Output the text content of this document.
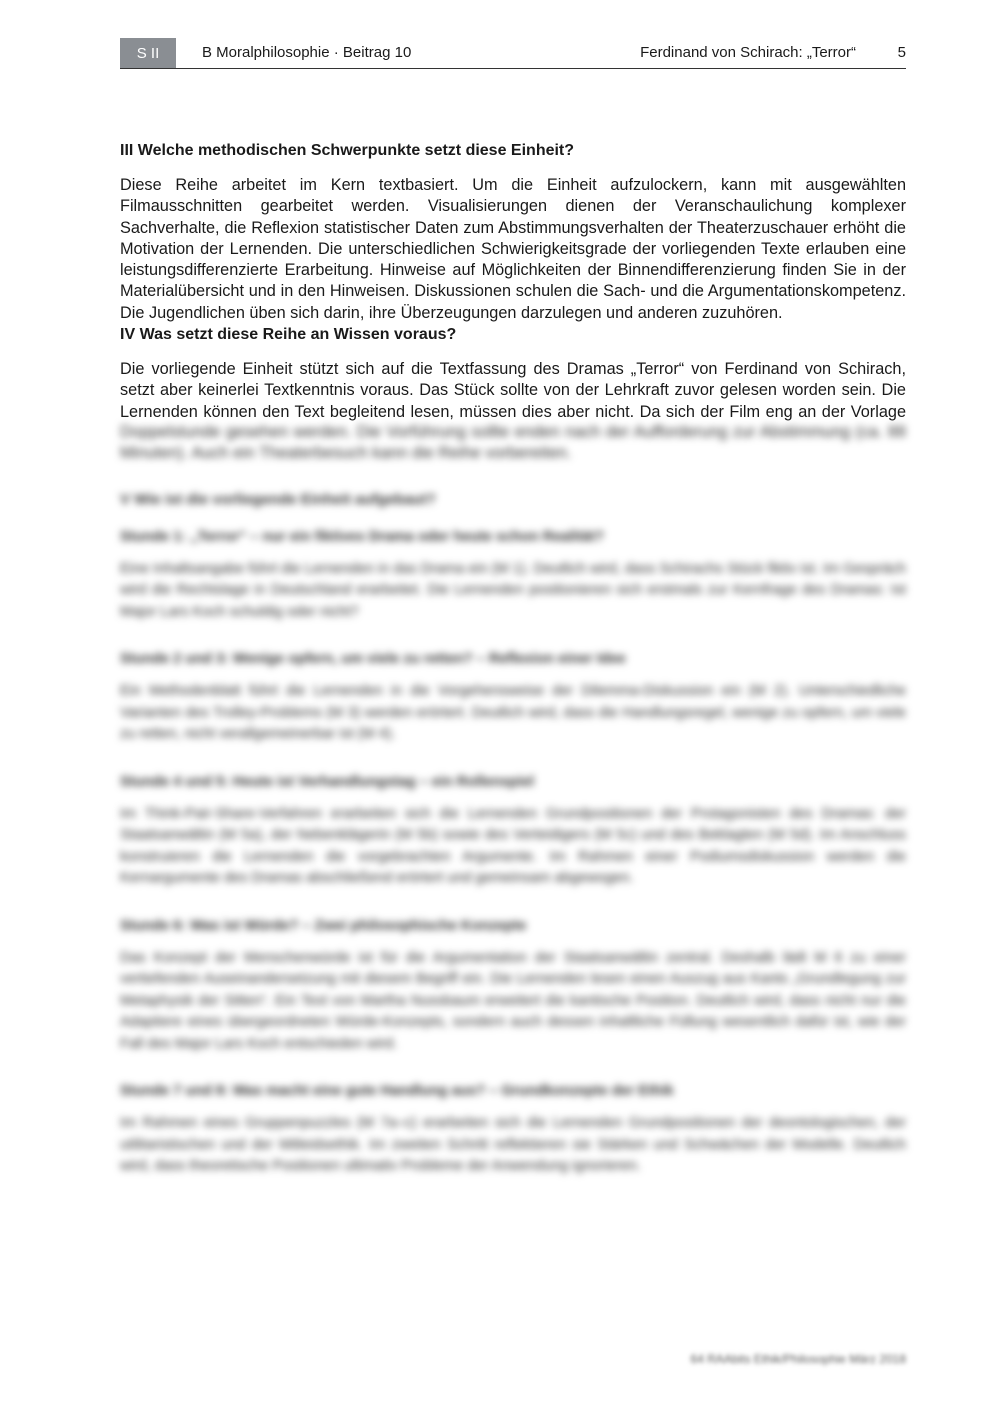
S II	B Moralphilosophie · Beitrag 10	Ferdinand von Schirach: „Terror“	5
III Welche methodischen Schwerpunkte setzt diese Einheit?

Diese Reihe arbeitet im Kern textbasiert. Um die Einheit aufzulockern, kann mit ausgewählten Filmausschnitten gearbeitet werden. Visualisierungen dienen der Veranschaulichung komplexer Sachverhalte, die Reflexion statistischer Daten zum Abstimmungsverhalten der Theaterzuschauer erhöht die Motivation der Lernenden. Die unterschiedlichen Schwierigkeitsgrade der vorliegenden Texte erlauben eine leistungsdifferenzierte Erarbeitung. Hinweise auf Möglichkeiten der Binnendifferenzierung finden Sie in der Materialübersicht und in den Hinweisen. Diskussionen schulen die Sach- und die Argumentationskompetenz. Die Jugendlichen üben sich darin, ihre Überzeugungen darzulegen und anderen zuzuhören.

IV Was setzt diese Reihe an Wissen voraus?

Die vorliegende Einheit stützt sich auf die Textfassung des Dramas „Terror“ von Ferdinand von Schirach, setzt aber keinerlei Textkenntnis voraus. Das Stück sollte von der Lehrkraft zuvor gelesen worden sein. Die Lernenden können den Text begleitend lesen, müssen dies aber nicht. Da sich der Film eng an der Vorlage

Doppelstunde gesehen werden. Die Vorführung sollte enden nach der Aufforderung zur Abstimmung (ca. 88 Minuten). Auch ein Theaterbesuch kann die Reihe vorbereiten.

V Wie ist die vorliegende Einheit aufgebaut?
Stunde 1: „Terror“ – nur ein fiktives Drama oder heute schon Realität?

Eine Inhaltsangabe führt die Lernenden in das Drama ein (M 1). Deutlich wird, dass Schirachs Stück fiktiv ist. Im Gespräch wird die Rechtslage in Deutschland erarbeitet. Die Lernenden positionieren sich erstmals zur Kernfrage des Dramas: Ist Major Lars Koch schuldig oder nicht?

Stunde 2 und 3: Wenige opfern, um viele zu retten? – Reflexion einer Idee

Ein Methodenblatt führt die Lernenden in die Vorgehensweise der Dilemma-Diskussion ein (M 2). Unterschiedliche Varianten des Trolley-Problems (M 3) werden erörtert. Deutlich wird, dass die Handlungsregel, wenige zu opfern, um viele zu retten, nicht verallgemeinerbar ist (M 4).

Stunde 4 und 5: Heute ist Verhandlungstag – ein Rollenspiel

Im Think-Pair-Share-Verfahren erarbeiten sich die Lernenden Grundpositionen der Protagonisten des Dramas: der Staatsanwältin (M 5a), der Nebenklägerin (M 5b) sowie des Verteidigers (M 5c) und des Beklagten (M 5d). Im Anschluss konstruieren die Lernenden die vorgebrachten Argumente. Im Rahmen einer Podiumsdiskussion werden die Kernargumente des Dramas abschließend erörtert und gemeinsam abgewogen.

Stunde 6: Was ist Würde? – Zwei philosophische Konzepte

Das Konzept der Menschenwürde ist für die Argumentation der Staatsanwältin zentral. Deshalb lädt M 6 zu einer vertiefenden Auseinandersetzung mit diesem Begriff ein. Die Lernenden lesen einen Auszug aus Kants „Grundlegung zur Metaphysik der Sitten“. Ein Text von Martha Nussbaum erweitert die kantische Position. Deutlich wird, dass nicht nur die Adaptiere eines übergeordneten Würde-Konzepts, sondern auch dessen inhaltliche Füllung wesentlich dafür ist, wie der Fall des Major Lars Koch entschieden wird.

Stunde 7 und 8: Was macht eine gute Handlung aus? – Grundkonzepte der Ethik

Im Rahmen eines Gruppenpuzzles (M 7a–c) erarbeiten sich die Lernenden Grundpositionen der deontologischen, der utilitaristischen und der Mitleidsethik. Im zweiten Schritt reflektieren sie Stärken und Schwächen der Modelle. Deutlich wird, dass theoretische Positionen ultimativ Probleme der Anwendung ignorieren.

64 RAAbits Ethik/Philosophie März 2018
